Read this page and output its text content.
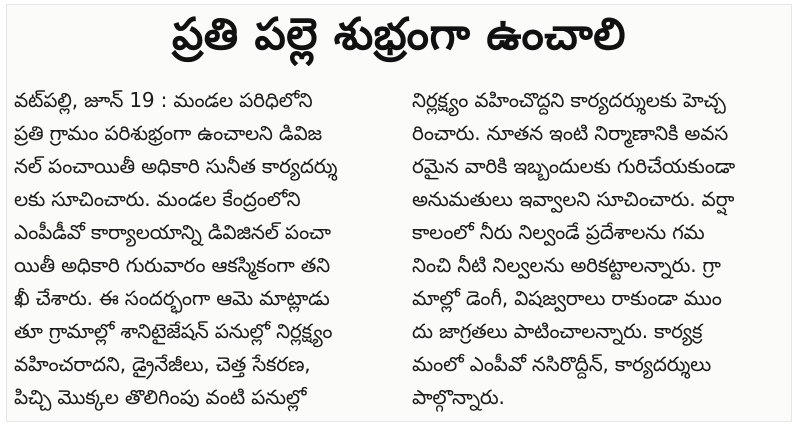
ప్రతి పల్లె శుభ్రంగా ఉంచాలి
వట్‌పల్లి, జూన్ 19 : మండల పరిధిలోని
ప్రతి గ్రామం పరిశుభ్రంగా ఉంచాలని డివిజ
నల్ పంచాయితీ అధికారి సునీత కార్యదర్శు
లకు సూచించారు. మండల కేంద్రంలోని
ఎంపీడీవో కార్యాలయాన్ని డివిజినల్ పంచా
యితీ అధికారి గురువారం ఆకస్మికంగా తని
ఖీ చేశారు. ఈ సందర్భంగా ఆమె మాట్లాడు
తూ గ్రామాల్లో శానిటైజేషన్ పనుల్లో నిర్లక్ష్యం
వహించరాదని, డ్రైనేజీలు, చెత్త సేకరణ,
పిచ్చి మొక్కల తొలిగింపు వంటి పనుల్లో
నిర్లక్ష్యం వహించొద్దని కార్యదర్శులకు హెచ్చ
రించారు. నూతన ఇంటి నిర్మాణానికి అవస
రమైన వారికి ఇబ్బందులకు గురిచేయకుండా
అనుమతులు ఇవ్వాలని సూచించారు. వర్షా
కాలంలో నీరు నిల్వండే ప్రదేశాలను గమ
నించి నీటి నిల్వలను అరికట్టాలన్నారు. గ్రా
మాల్లో డెంగీ, విషజ్వరాలు రాకుండా ముం
దు జాగ్రతలు పాటించాలన్నారు. కార్యక్ర
మంలో ఎంపీవో నసిరొద్దీన్, కార్యదర్శులు
పాల్గొన్నారు.
